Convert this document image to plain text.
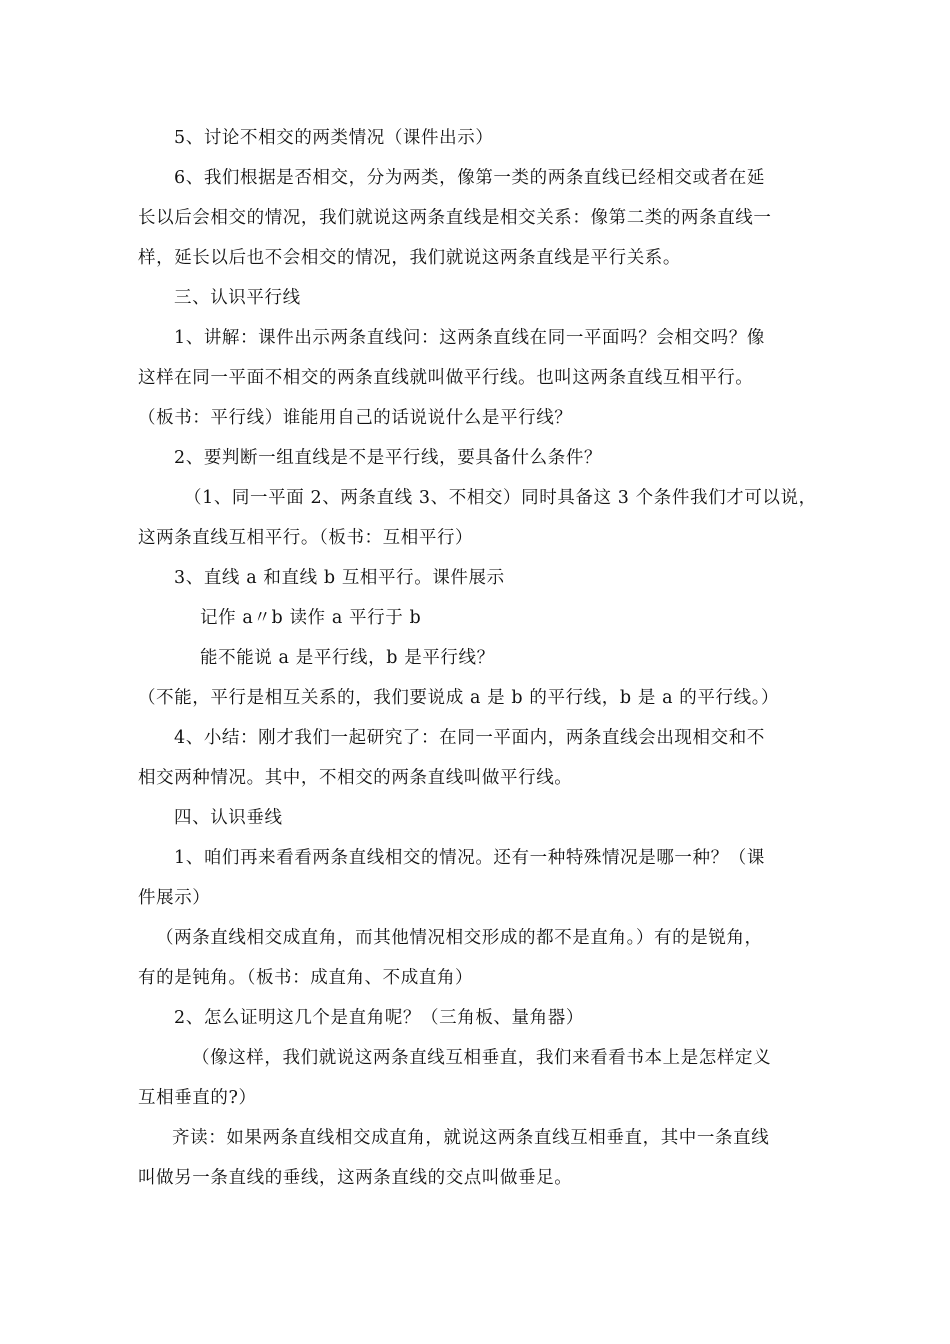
5、讨论不相交的两类情况（课件出示）
6、我们根据是否相交，分为两类，像第一类的两条直线已经相交或者在延
长以后会相交的情况，我们就说这两条直线是相交关系：像第二类的两条直线一
样，延长以后也不会相交的情况，我们就说这两条直线是平行关系。
三、认识平行线
1、讲解：课件出示两条直线问：这两条直线在同一平面吗？会相交吗？像
这样在同一平面不相交的两条直线就叫做平行线。也叫这两条直线互相平行。
（板书：平行线）谁能用自己的话说说什么是平行线？
2、要判断一组直线是不是平行线，要具备什么条件？
（1、同一平面 2、两条直线 3、不相交）同时具备这 3 个条件我们才可以说，
这两条直线互相平行。（板书：互相平行）
3、直线 a 和直线 b 互相平行。课件展示
记作 a〃b 读作 a 平行于 b
能不能说 a 是平行线，b 是平行线？
（不能，平行是相互关系的，我们要说成 a 是 b 的平行线，b 是 a 的平行线。）
4、小结：刚才我们一起研究了：在同一平面内，两条直线会出现相交和不
相交两种情况。其中，不相交的两条直线叫做平行线。
四、认识垂线
1、咱们再来看看两条直线相交的情况。还有一种特殊情况是哪一种？（课
件展示）
（两条直线相交成直角，而其他情况相交形成的都不是直角。）有的是锐角，
有的是钝角。（板书：成直角、不成直角）
2、怎么证明这几个是直角呢？（三角板、量角器）
（像这样，我们就说这两条直线互相垂直，我们来看看书本上是怎样定义
互相垂直的?）
齐读：如果两条直线相交成直角，就说这两条直线互相垂直，其中一条直线
叫做另一条直线的垂线，这两条直线的交点叫做垂足。
